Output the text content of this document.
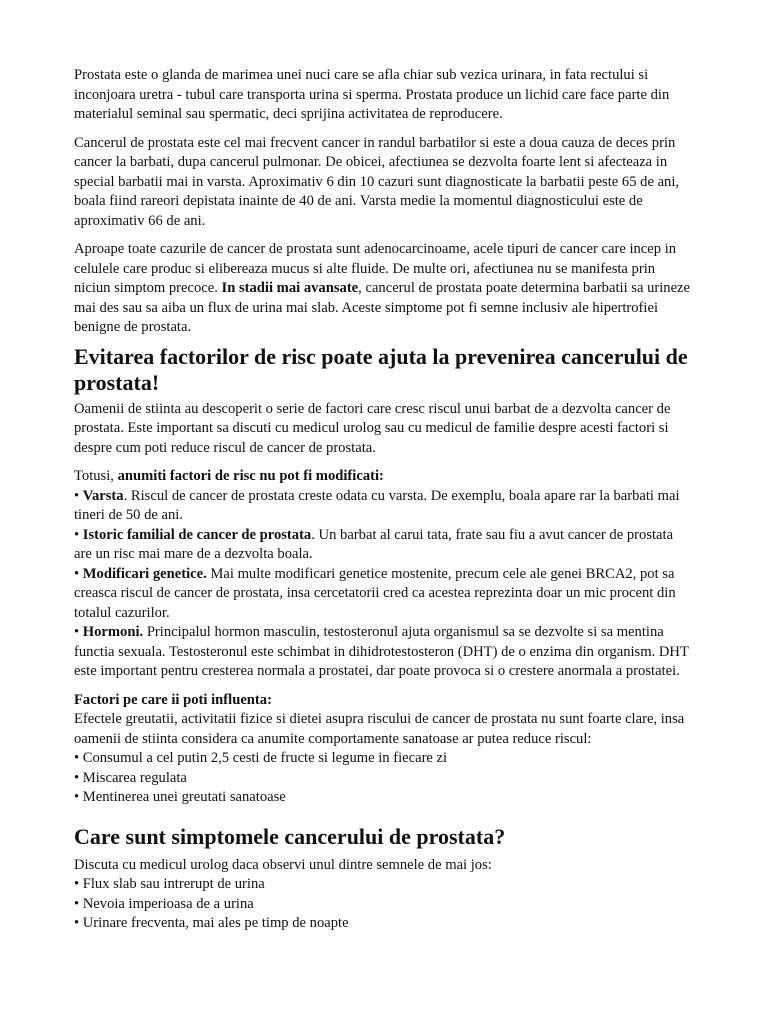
Prostata este o glanda de marimea unei nuci care se afla chiar sub vezica urinara, in fata rectului si inconjoara uretra - tubul care transporta urina si sperma. Prostata produce un lichid care face parte din materialul seminal sau spermatic, deci sprijina activitatea de reproducere.

Cancerul de prostata este cel mai frecvent cancer in randul barbatilor si este a doua cauza de deces prin cancer la barbati, dupa cancerul pulmonar. De obicei, afectiunea se dezvolta foarte lent si afecteaza in special barbatii mai in varsta. Aproximativ 6 din 10 cazuri sunt diagnosticate la barbatii peste 65 de ani, boala fiind rareori depistata inainte de 40 de ani. Varsta medie la momentul diagnosticului este de aproximativ 66 de ani.

Aproape toate cazurile de cancer de prostata sunt adenocarcinoame, acele tipuri de cancer care incep in celulele care produc si elibereaza mucus si alte fluide. De multe ori, afectiunea nu se manifesta prin niciun simptom precoce. In stadii mai avansate, cancerul de prostata poate determina barbatii sa urineze mai des sau sa aiba un flux de urina mai slab. Aceste simptome pot fi semne inclusiv ale hipertrofiei benigne de prostata.

Evitarea factorilor de risc poate ajuta la prevenirea cancerului de prostata!

Oamenii de stiinta au descoperit o serie de factori care cresc riscul unui barbat de a dezvolta cancer de prostata. Este important sa discuti cu medicul urolog sau cu medicul de familie despre acesti factori si despre cum poti reduce riscul de cancer de prostata.

Totusi, anumiti factori de risc nu pot fi modificati:
• Varsta. Riscul de cancer de prostata creste odata cu varsta. De exemplu, boala apare rar la barbati mai tineri de 50 de ani.
• Istoric familial de cancer de prostata. Un barbat al carui tata, frate sau fiu a avut cancer de prostata are un risc mai mare de a dezvolta boala.
• Modificari genetice. Mai multe modificari genetice mostenite, precum cele ale genei BRCA2, pot sa creasca riscul de cancer de prostata, insa cercetatorii cred ca acestea reprezinta doar un mic procent din totalul cazurilor.
• Hormoni. Principalul hormon masculin, testosteronul ajuta organismul sa se dezvolte si sa mentina functia sexuala. Testosteronul este schimbat in dihidrotestosteron (DHT) de o enzima din organism. DHT este important pentru cresterea normala a prostatei, dar poate provoca si o crestere anormala a prostatei.

Factori pe care ii poti influenta:
Efectele greutatii, activitatii fizice si dietei asupra riscului de cancer de prostata nu sunt foarte clare, insa oamenii de stiinta considera ca anumite comportamente sanatoase ar putea reduce riscul:
• Consumul a cel putin 2,5 cesti de fructe si legume in fiecare zi
• Miscarea regulata
• Mentinerea unei greutati sanatoase

Care sunt simptomele cancerului de prostata?

Discuta cu medicul urolog daca observi unul dintre semnele de mai jos:
• Flux slab sau intrerupt de urina
• Nevoia imperioasa de a urina
• Urinare frecventa, mai ales pe timp de noapte
